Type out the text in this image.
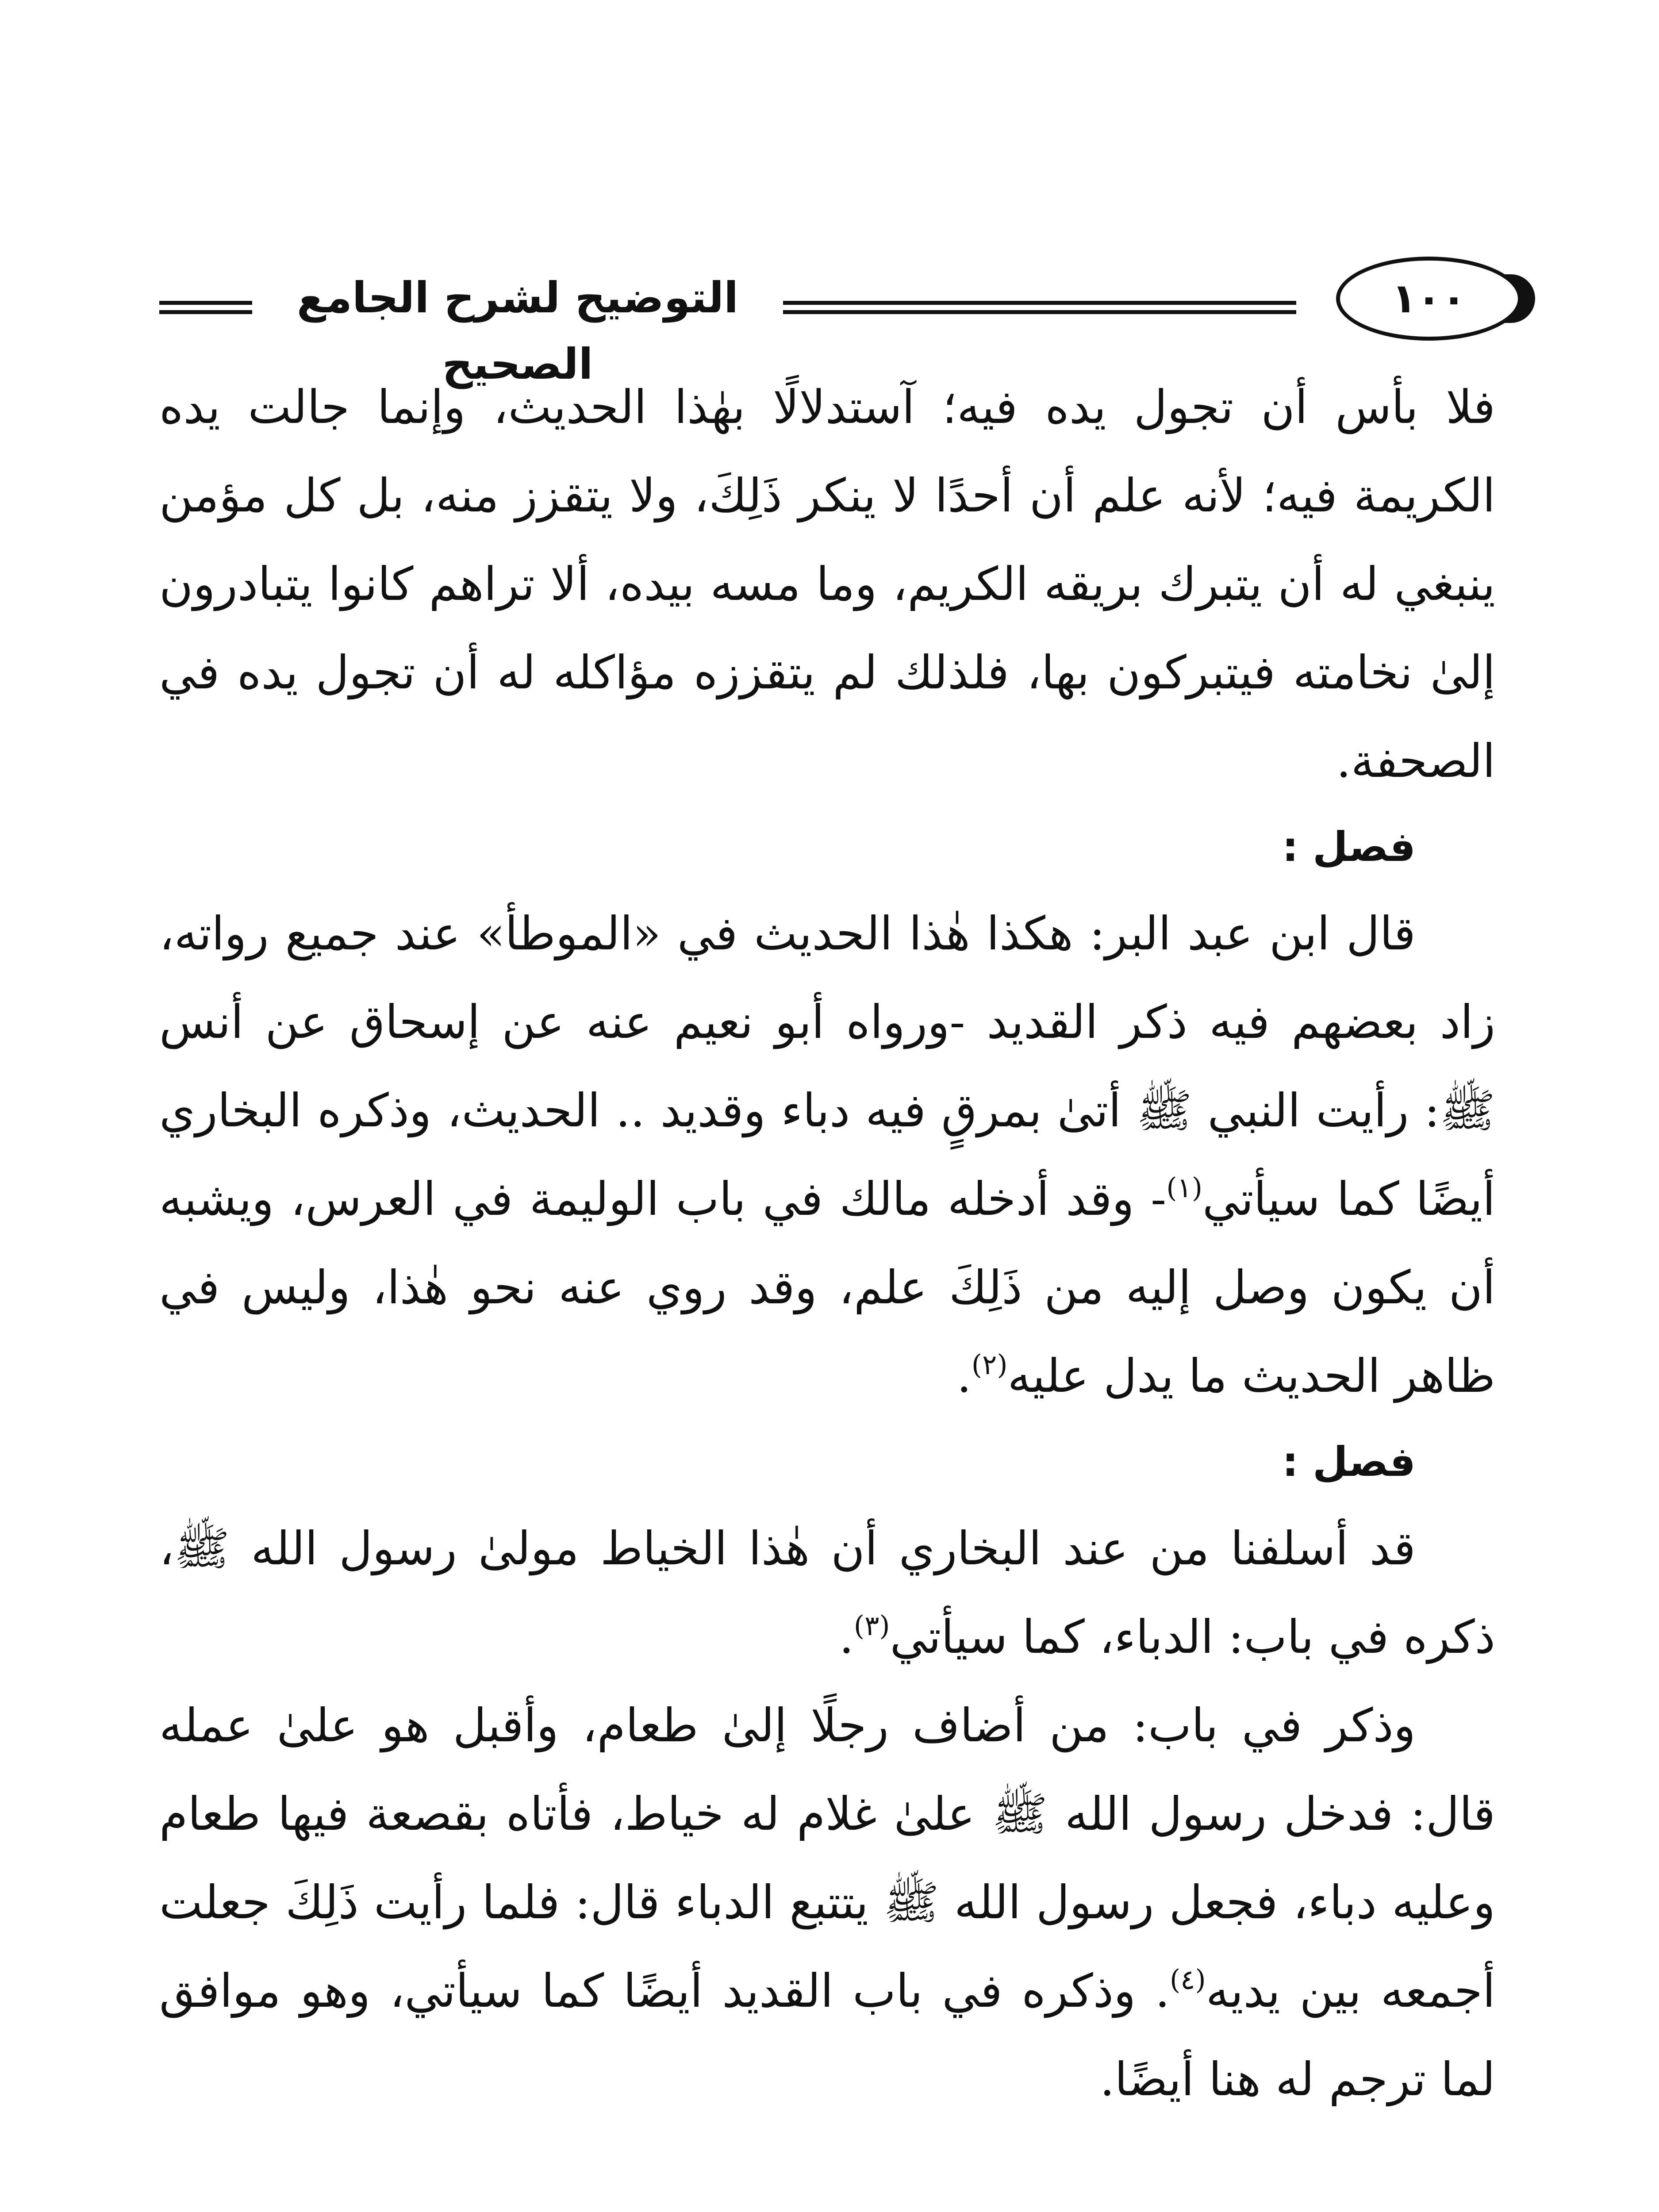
التوضيح لشرح الجامع الصحيح
١٠٠

فلا بأس أن تجول يده فيه؛ آستدلالًا بهٰذا الحديث، وإنما جالت يده الكريمة فيه؛ لأنه علم أن أحدًا لا ينكر ذَلِكَ، ولا يتقزز منه، بل كل مؤمن ينبغي له أن يتبرك بريقه الكريم، وما مسه بيده، ألا تراهم كانوا يتبادرون إلىٰ نخامته فيتبركون بها، فلذلك لم يتقززه مؤاكله له أن تجول يده في الصحفة.

فصل :

قال ابن عبد البر: هكذا هٰذا الحديث في «الموطأ» عند جميع رواته، زاد بعضهم فيه ذكر القديد -ورواه أبو نعيم عنه عن إسحاق عن أنس ﷺ: رأيت النبي ﷺ أتىٰ بمرقٍ فيه دباء وقديد .. الحديث، وذكره البخاري أيضًا كما سيأتي$^{(١)}$- وقد أدخله مالك في باب الوليمة في العرس، ويشبه أن يكون وصل إليه من ذَلِكَ علم، وقد روي عنه نحو هٰذا، وليس في ظاهر الحديث ما يدل عليه$^{(٢)}$.

فصل :

قد أسلفنا من عند البخاري أن هٰذا الخياط مولىٰ رسول الله ﷺ، ذكره في باب: الدباء، كما سيأتي$^{(٣)}$.

وذكر في باب: من أضاف رجلًا إلىٰ طعام، وأقبل هو علىٰ عمله قال: فدخل رسول الله ﷺ علىٰ غلام له خياط، فأتاه بقصعة فيها طعام وعليه دباء، فجعل رسول الله ﷺ يتتبع الدباء قال: فلما رأيت ذَلِكَ جعلت أجمعه بين يديه$^{(٤)}$. وذكره في باب القديد أيضًا كما سيأتي، وهو موافق لما ترجم له هنا أيضًا.
